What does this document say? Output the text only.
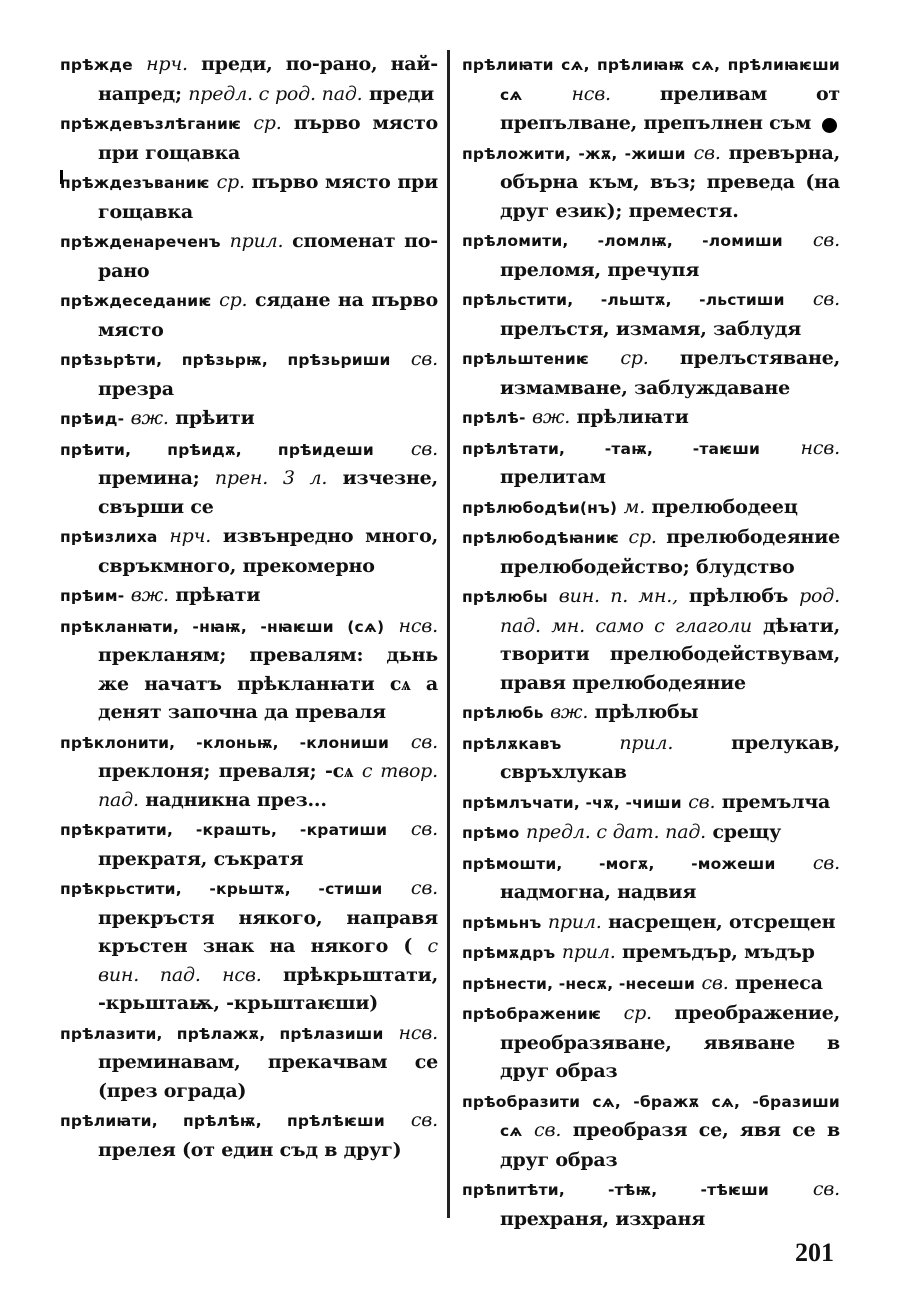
прѣжде нрч. преди, по-рано, най-напред; предл. с род. пад. преди

прѣждевъзлѣганиѥ ср. първо място при гощавка

прѣждезъваниѥ ср. първо място при гощавка

прѣжденареченъ прил. споменат по-рано

прѣждеседаниѥ ср. сядане на първо място

прѣзьрѣти, прѣзьрѭ, прѣзьриши св. презра

прѣид- вж. прѣити

прѣити, прѣидѫ, прѣидеши св. премина; прен. 3 л. изчезне, свърши се

прѣизлиха нрч. извънредно много, свръкмного, прекомерно

прѣим- вж. прѣꙗти

прѣкланꙗти, -нꙗѭ, -нꙗѥши (сѧ) нсв. прекланям; превалям: дьнь же начатъ прѣкланꙗти сѧ а денят започна да преваля

прѣклонити, -клоньѭ, -клониши св. преклоня; преваля; -сѧ с твор. пад. надникна през...

прѣкратити, -крашть, -кратиши св. прекратя, съкратя

прѣкрьстити, -крьштѫ, -стиши св. прекръстя някого, направя кръстен знак на някого ( с вин. пад. нсв. прѣкрьштати, -крьштаѭ, -крьштаѥши)

прѣлазити, прѣлажѫ, прѣлазиши нсв. преминавам, прекачвам се (през ограда)

прѣлиꙗти, прѣлѣѭ, прѣлѣѥши св. прелея (от един съд в друг)

прѣлиꙗти сѧ, прѣлиꙗѭ сѧ, прѣлиꙗѥши сѧ	нсв.	преливам от препълване, препълнен съм

прѣложити, -жѫ, -жиши св. превърна, обърна към, въз; преведа (на друг език); преместя.

прѣломити, -ломлѭ, -ломиши св. преломя, пречупя

прѣльстити, -льштѫ, -льстиши св. прелъстя, измамя, заблудя

прѣльштениѥ ср. прелъстяване, измамване, заблуждаване

прѣлѣ- вж. прѣлиꙗти

прѣлѣтати, -таѭ, -таѥши нсв. прелитам

прѣлюбодѣи(нъ) м. прелюбодеец

прѣлюбодѣꙗниѥ ср. прелюбодеяние прелюбодейство; блудство

прѣлюбы вин. п. мн., прѣлюбъ род. пад. мн. само с глаголи дѣꙗти, творити прелюбодействувам, правя прелюбодеяние

прѣлюбь вж. прѣлюбы

прѣлѫкавъ	прил.	прелукав, свръхлукав

прѣмлъчати, -чѫ, -чиши св. премълча

прѣмо предл. с дат. пад. срещу

прѣмошти, -могѫ, -можеши св. надмогна, надвия

прѣмьнъ прил. насрещен, отсрещен

прѣмѫдръ прил. премъдър, мъдър

прѣнести, -несѫ, -несеши св. пренеса

прѣображениѥ ср. преображение, преобразяване, явяване в друг образ

прѣобразити сѧ, -бражѫ сѧ, -бразиши сѧ св. преобразя се, явя се в друг образ

прѣпитѣти, -тѣѭ, -тѣѥши св. прехраня, изхраня

201
